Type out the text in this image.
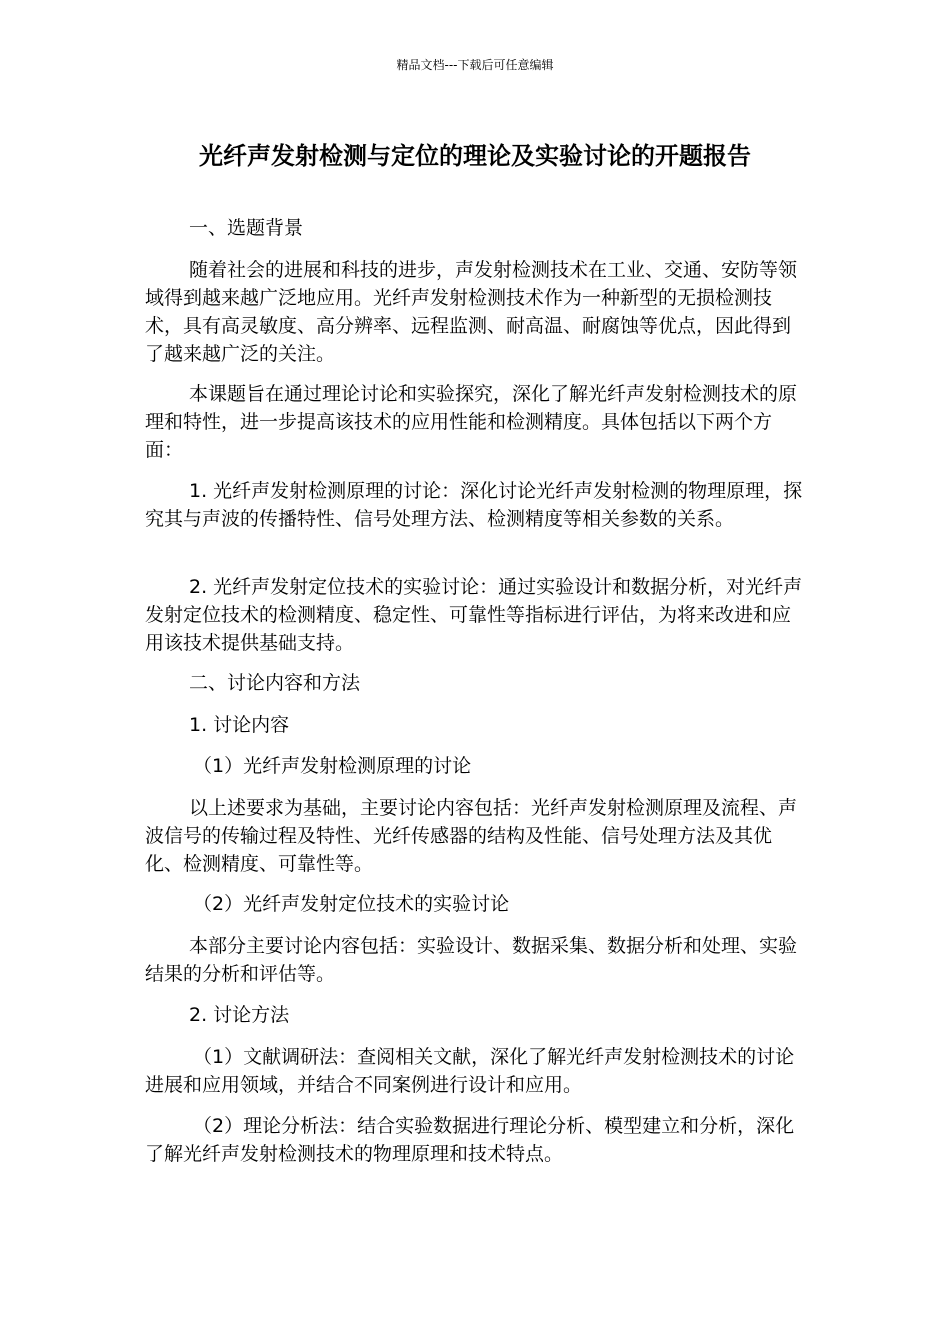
精品文档---下载后可任意编辑
光纤声发射检测与定位的理论及实验讨论的开题报告

一、选题背景

随着社会的进展和科技的进步，声发射检测技术在工业、交通、安防等领域得到越来越广泛地应用。光纤声发射检测技术作为一种新型的无损检测技术，具有高灵敏度、高分辨率、远程监测、耐高温、耐腐蚀等优点，因此得到了越来越广泛的关注。

本课题旨在通过理论讨论和实验探究，深化了解光纤声发射检测技术的原理和特性，进一步提高该技术的应用性能和检测精度。具体包括以下两个方面：

1. 光纤声发射检测原理的讨论：深化讨论光纤声发射检测的物理原理，探究其与声波的传播特性、信号处理方法、检测精度等相关参数的关系。

2. 光纤声发射定位技术的实验讨论：通过实验设计和数据分析，对光纤声发射定位技术的检测精度、稳定性、可靠性等指标进行评估，为将来改进和应用该技术提供基础支持。

二、讨论内容和方法

1. 讨论内容

（1）光纤声发射检测原理的讨论

以上述要求为基础，主要讨论内容包括：光纤声发射检测原理及流程、声波信号的传输过程及特性、光纤传感器的结构及性能、信号处理方法及其优化、检测精度、可靠性等。

（2）光纤声发射定位技术的实验讨论

本部分主要讨论内容包括：实验设计、数据采集、数据分析和处理、实验结果的分析和评估等。

2. 讨论方法

（1）文献调研法：查阅相关文献，深化了解光纤声发射检测技术的讨论进展和应用领域，并结合不同案例进行设计和应用。

（2）理论分析法：结合实验数据进行理论分析、模型建立和分析，深化了解光纤声发射检测技术的物理原理和技术特点。
